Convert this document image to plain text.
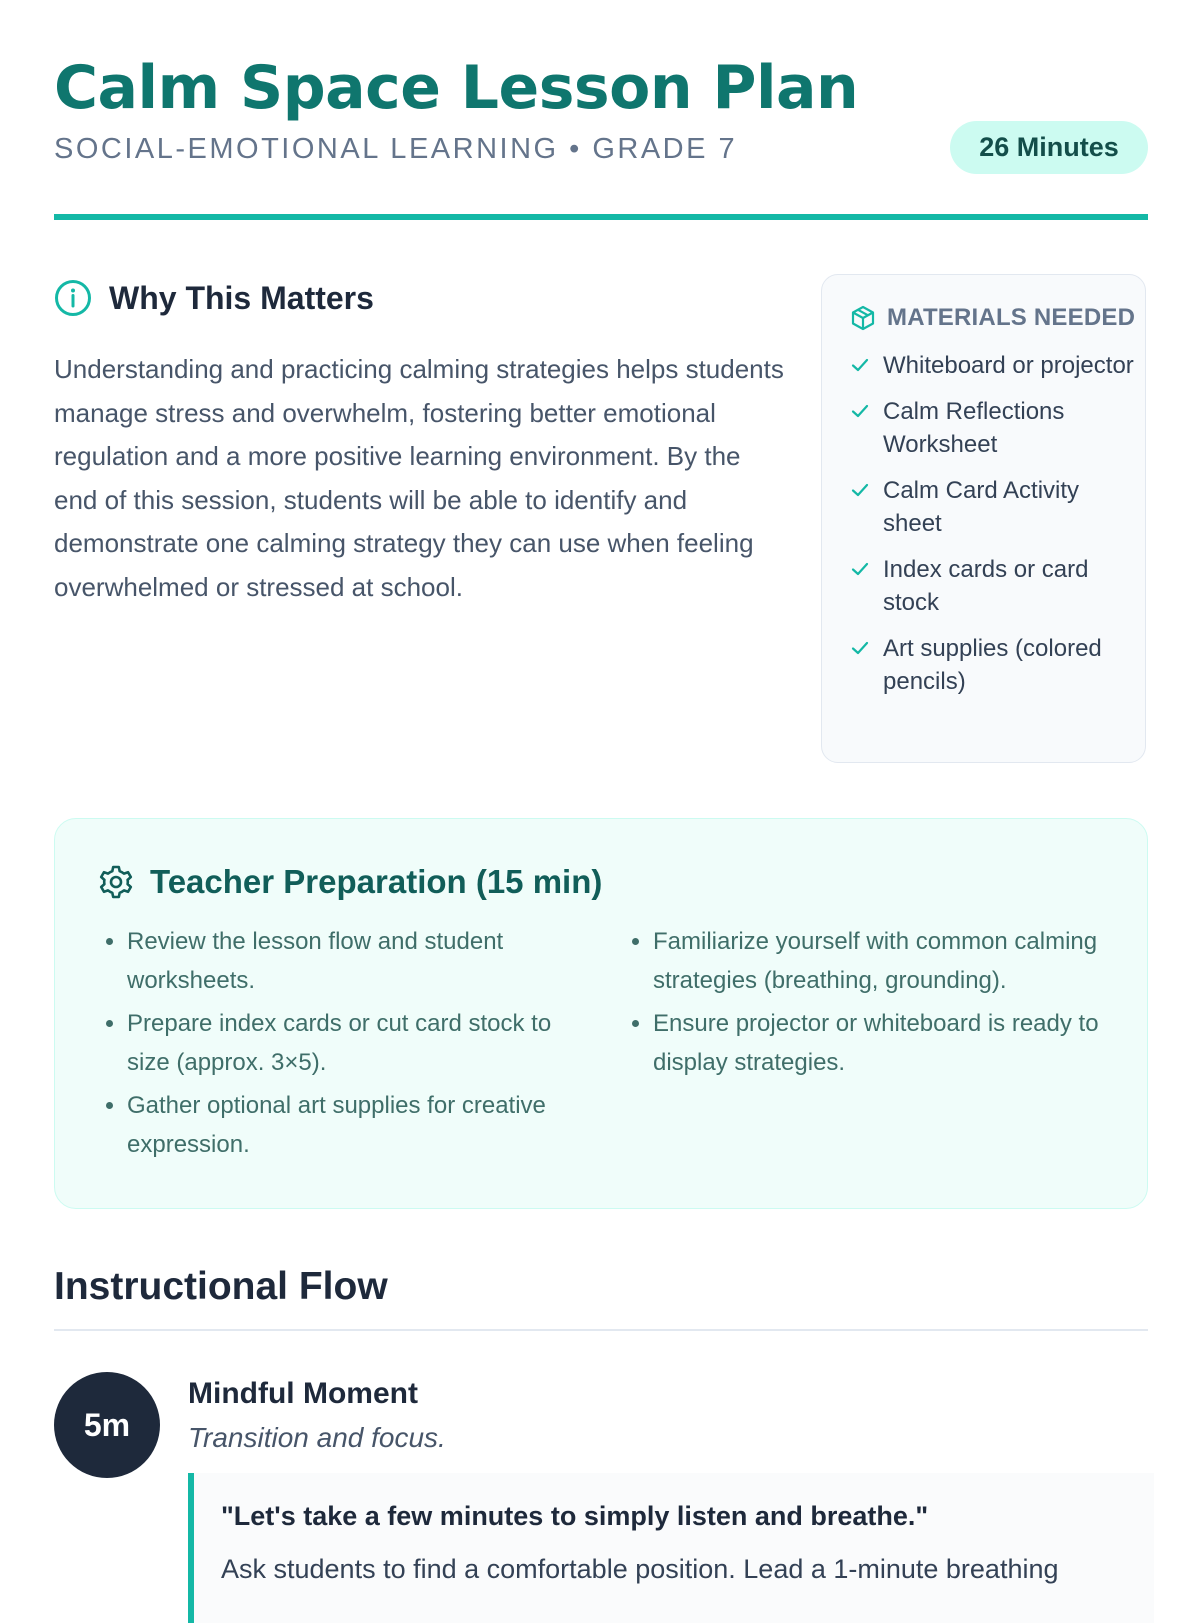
Calm Space Lesson Plan
SOCIAL-EMOTIONAL LEARNING • GRADE 7	26 Minutes
Why This Matters

Understanding and practicing calming strategies helps students manage stress and overwhelm, fostering better emotional regulation and a more positive learning environment. By the end of this session, students will be able to identify and demonstrate one calming strategy they can use when feeling overwhelmed or stressed at school.

MATERIALS NEEDED
Whiteboard or projector
Calm Reflections Worksheet
Calm Card Activity sheet
Index cards or card stock
Art supplies (colored pencils)
Teacher Preparation (15 min)
• Review the lesson flow and student worksheets.
• Prepare index cards or cut card stock to size (approx. 3×5).
• Gather optional art supplies for creative expression.
• Familiarize yourself with common calming strategies (breathing, grounding).
• Ensure projector or whiteboard is ready to display strategies.
Instructional Flow
5m
Mindful Moment
Transition and focus.
"Let's take a few minutes to simply listen and breathe."
Ask students to find a comfortable position. Lead a 1-minute breathing
